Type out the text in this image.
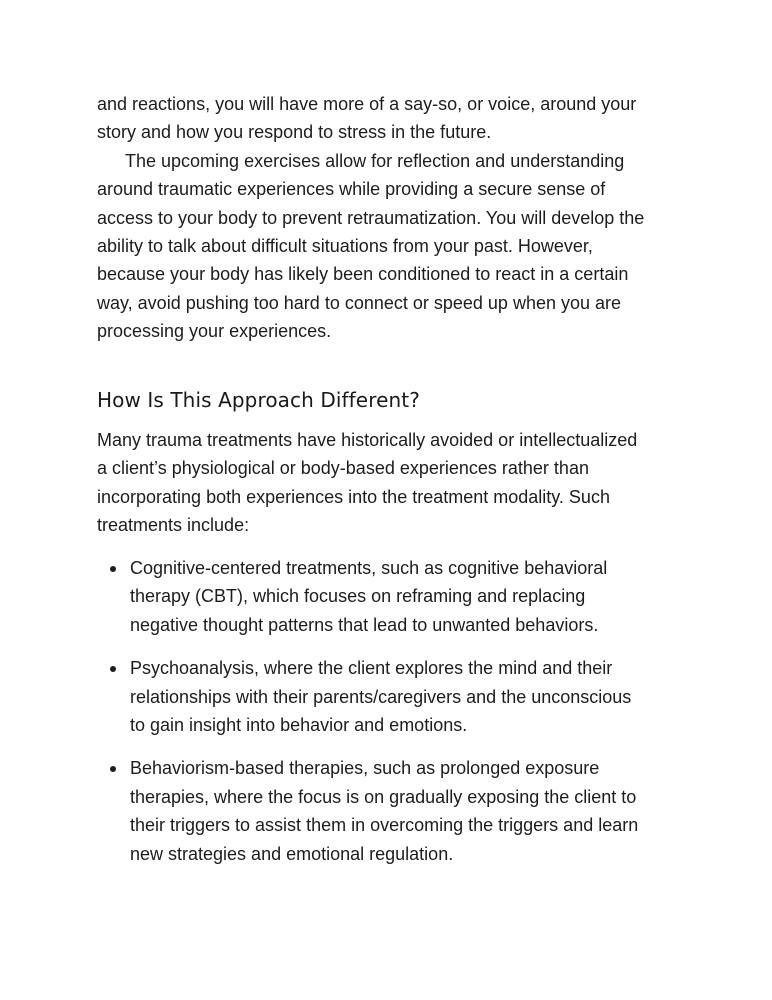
and reactions, you will have more of a say-so, or voice, around your
story and how you respond to stress in the future.

The upcoming exercises allow for reflection and understanding
around traumatic experiences while providing a secure sense of
access to your body to prevent retraumatization. You will develop the
ability to talk about difficult situations from your past. However,
because your body has likely been conditioned to react in a certain
way, avoid pushing too hard to connect or speed up when you are
processing your experiences.

How Is This Approach Different?

Many trauma treatments have historically avoided or intellectualized
a client’s physiological or body-based experiences rather than
incorporating both experiences into the treatment modality. Such
treatments include:

Cognitive-centered treatments, such as cognitive behavioral
therapy (CBT), which focuses on reframing and replacing
negative thought patterns that lead to unwanted behaviors.
Psychoanalysis, where the client explores the mind and their
relationships with their parents/caregivers and the unconscious
to gain insight into behavior and emotions.
Behaviorism-based therapies, such as prolonged exposure
therapies, where the focus is on gradually exposing the client to
their triggers to assist them in overcoming the triggers and learn
new strategies and emotional regulation.
